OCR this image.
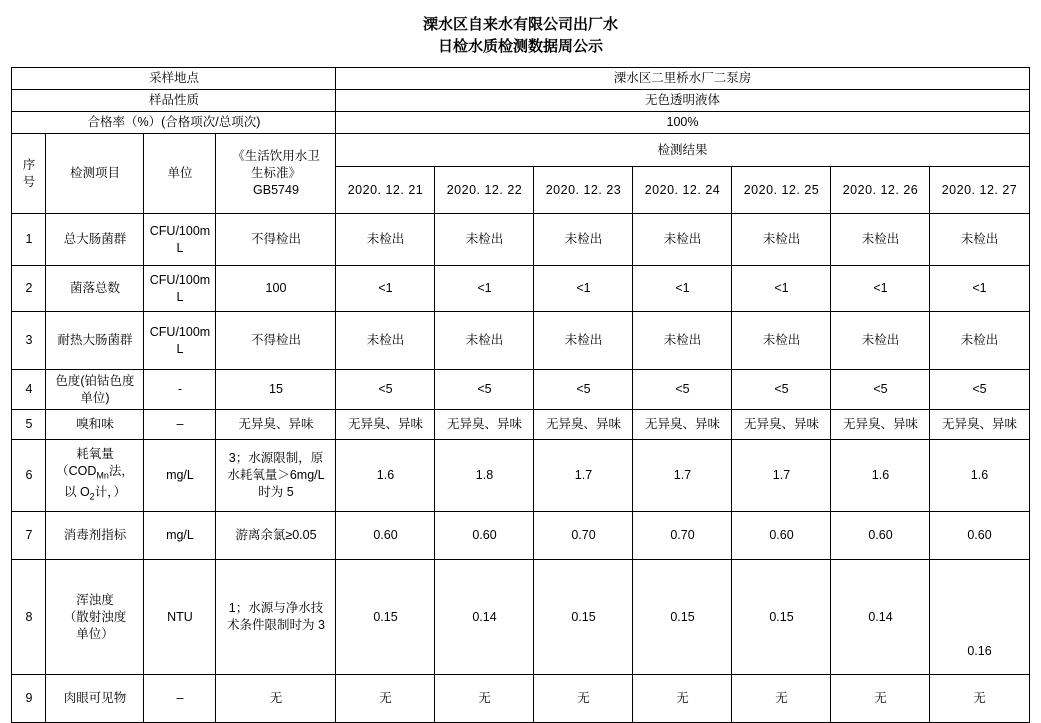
溧水区自来水有限公司出厂水
日检水质检测数据周公示
采样地点				溧水区二里桥水厂二泵房						
样品性质				无色透明液体						
合格率（%）(合格项次/总项次)				100%						
序
号	检测项目	单位	《生活饮用水卫
生标准》
GB5749	检测结果						
				2020. 12. 21	2020. 12. 22	2020. 12. 23	2020. 12. 24	2020. 12. 25	2020. 12. 26	2020. 12. 27
1	总大肠菌群	CFU/100mL	不得检出	未检出	未检出	未检出	未检出	未检出	未检出	未检出
2	菌落总数	CFU/100mL	100	<1	<1	<1	<1	<1	<1	<1
3	耐热大肠菌群	CFU/100mL	不得检出	未检出	未检出	未检出	未检出	未检出	未检出	未检出
4	色度(铂钴色度单位)	-	15	<5	<5	<5	<5	<5	<5	<5
5	嗅和味	–	无异臭、异味	无异臭、异味	无异臭、异味	无异臭、异味	无异臭、异味	无异臭、异味	无异臭、异味	无异臭、异味
6	耗氧量
（$COD_{Mn}$法，
以 $O_2$计，）	mg/L	3；水源限制，原
水耗氧量＞6mg/L
时为 5	1.6	1.8	1.7	1.7	1.7	1.6	1.6
7	消毒剂指标	mg/L	游离余氯≥0.05	0.60	0.60	0.70	0.70	0.60	0.60	0.60
8	浑浊度
（散射浊度
单位）	NTU	1；水源与净水技
术条件限制时为 3	0.15	0.14	0.15	0.15	0.15	0.14	0.16
9	肉眼可见物	–	无	无	无	无	无	无	无	无
